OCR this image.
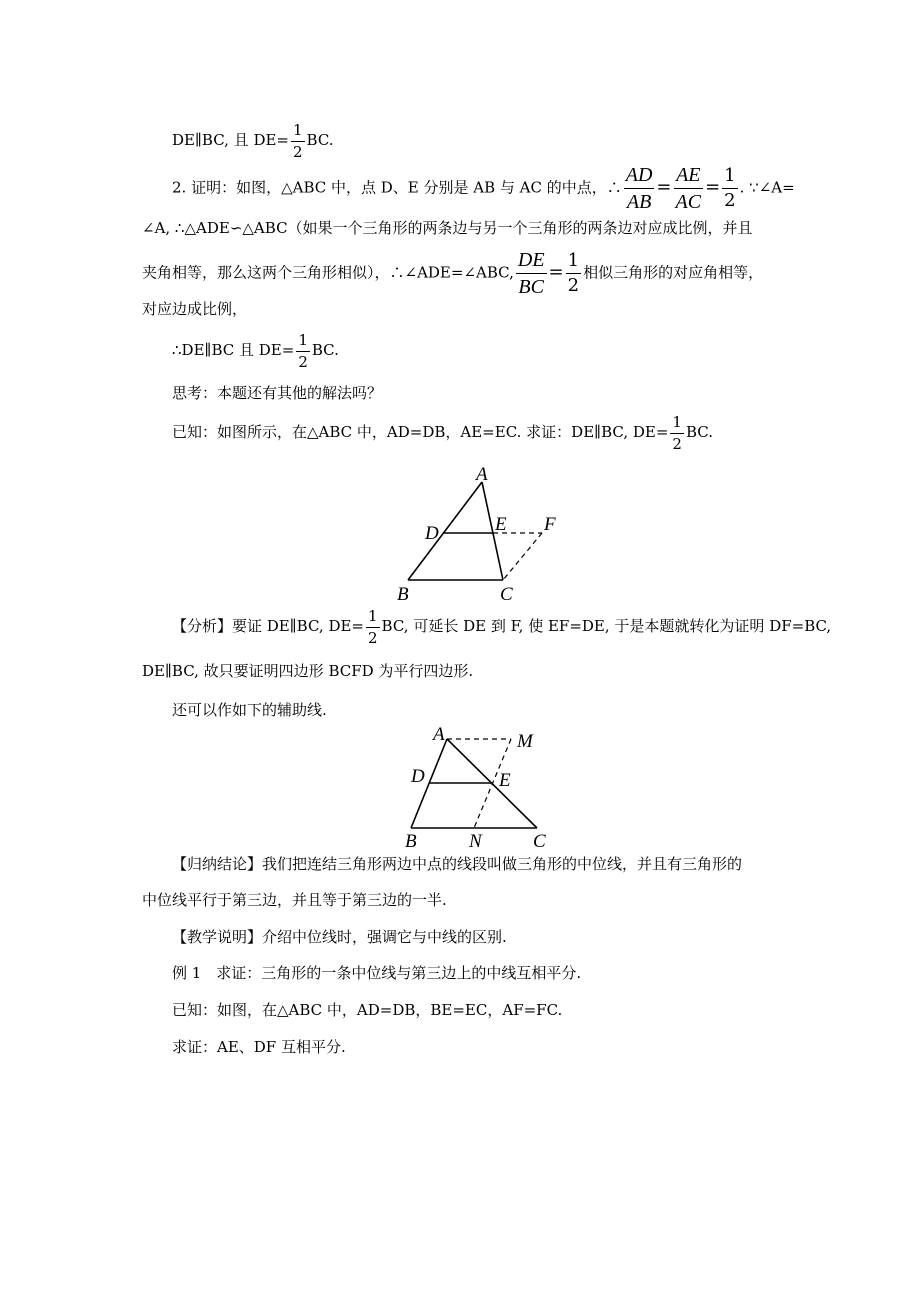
DE∥BC, 且 $DE= \frac{1}{2}$ BC.
2. 证明：如图，△ABC 中，点 D、E 分别是 AB 与 AC 的中点，∴ $\frac{AD}{AB} = \frac{AE}{AC} = \frac{1}{2}$ . ∵∠A=
∠A, ∴△ADE∽△ABC（如果一个三角形的两条边与另一个三角形的两条边对应成比例，并且
夹角相等，那么这两个三角形相似），∴∠ADE=∠ABC, $\frac{DE}{BC} = \frac{1}{2}$ 相似三角形的对应角相等，
对应边成比例，
∴DE∥BC 且 $DE= \frac{1}{2}$ BC.
思考：本题还有其他的解法吗？
已知：如图所示，在△ABC 中，AD=DB，AE=EC. 求证：DE∥BC, $DE= \frac{1}{2}$ BC.
A
D	E F
B	C
【分析】要证 DE∥BC, $DE= \frac{1}{2}$ BC, 可延长 DE 到 F, 使 EF=DE, 于是本题就转化为证明 DF=BC,
DE∥BC, 故只要证明四边形 BCFD 为平行四边形.
还可以作如下的辅助线.
A	M
D	E
B	N	C
【归纳结论】我们把连结三角形两边中点的线段叫做三角形的中位线，并且有三角形的
中位线平行于第三边，并且等于第三边的一半.
【教学说明】介绍中位线时，强调它与中线的区别.
例 1　求证：三角形的一条中位线与第三边上的中线互相平分.
已知：如图，在△ABC 中，AD=DB，BE=EC，AF=FC.
求证：AE、DF 互相平分.
